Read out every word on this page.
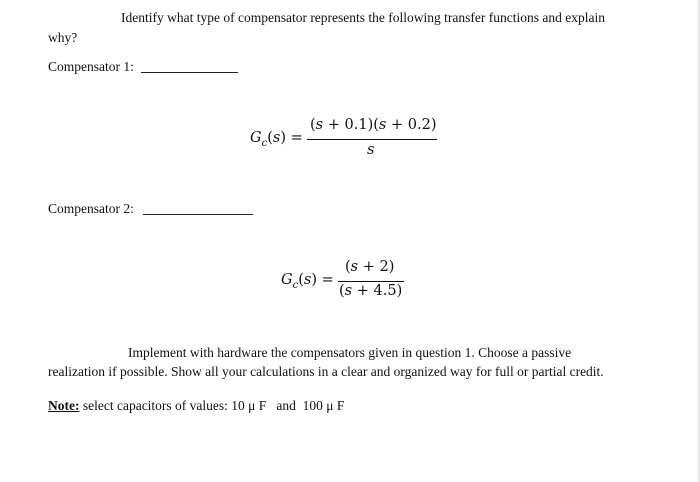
Identify what type of compensator represents the following transfer functions and explain
why?
Compensator 1:
$G_c(s)$ =
(s + 0.1)(s + 0.2)
s
Compensator 2:
$G_c(s)$ =
(s + 2)
(s + 4.5)
Implement with hardware the compensators given in question 1. Choose a passive
realization if possible. Show all your calculations in a clear and organized way for full or partial credit.
Note: select capacitors of values: 10 μ F   and  100 μ F
